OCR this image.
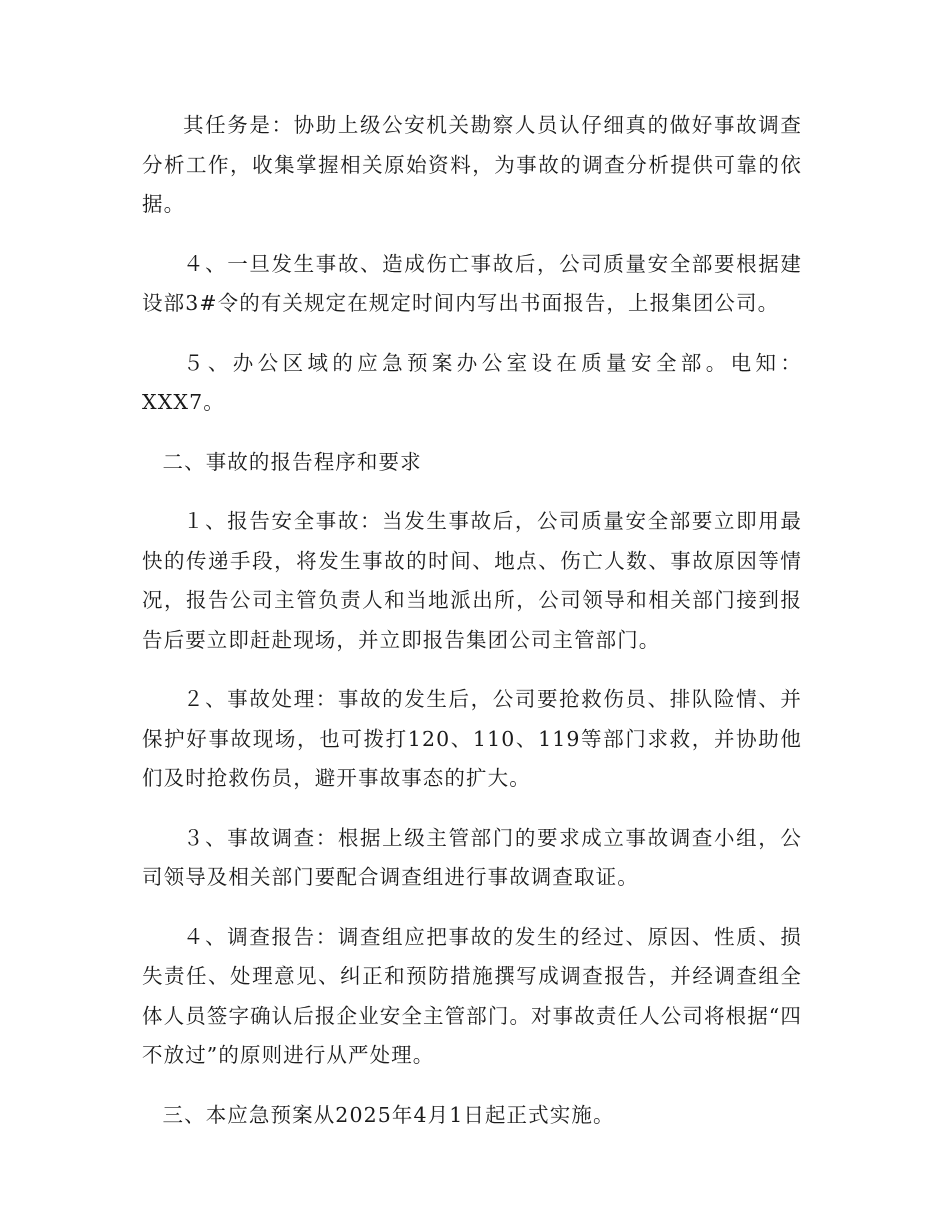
其任务是：协助上级公安机关勘察人员认仔细真的做好事故调查分析工作，收集掌握相关原始资料，为事故的调查分析提供可靠的依据。

４、一旦发生事故、造成伤亡事故后，公司质量安全部要根据建设部3#令的有关规定在规定时间内写出书面报告，上报集团公司。

５、办公区域的应急预案办公室设在质量安全部。电知：XXX7。

二、事故的报告程序和要求

１、报告安全事故：当发生事故后，公司质量安全部要立即用最快的传递手段，将发生事故的时间、地点、伤亡人数、事故原因等情况，报告公司主管负责人和当地派出所，公司领导和相关部门接到报告后要立即赶赴现场，并立即报告集团公司主管部门。

２、事故处理：事故的发生后，公司要抢救伤员、排队险情、并保护好事故现场，也可拨打120、110、119等部门求救，并协助他们及时抢救伤员，避开事故事态的扩大。

３、事故调查：根据上级主管部门的要求成立事故调查小组，公司领导及相关部门要配合调查组进行事故调查取证。

４、调查报告：调查组应把事故的发生的经过、原因、性质、损失责任、处理意见、纠正和预防措施撰写成调查报告，并经调查组全体人员签字确认后报企业安全主管部门。对事故责任人公司将根据“四不放过”的原则进行从严处理。

三、本应急预案从2025年4月1日起正式实施。
